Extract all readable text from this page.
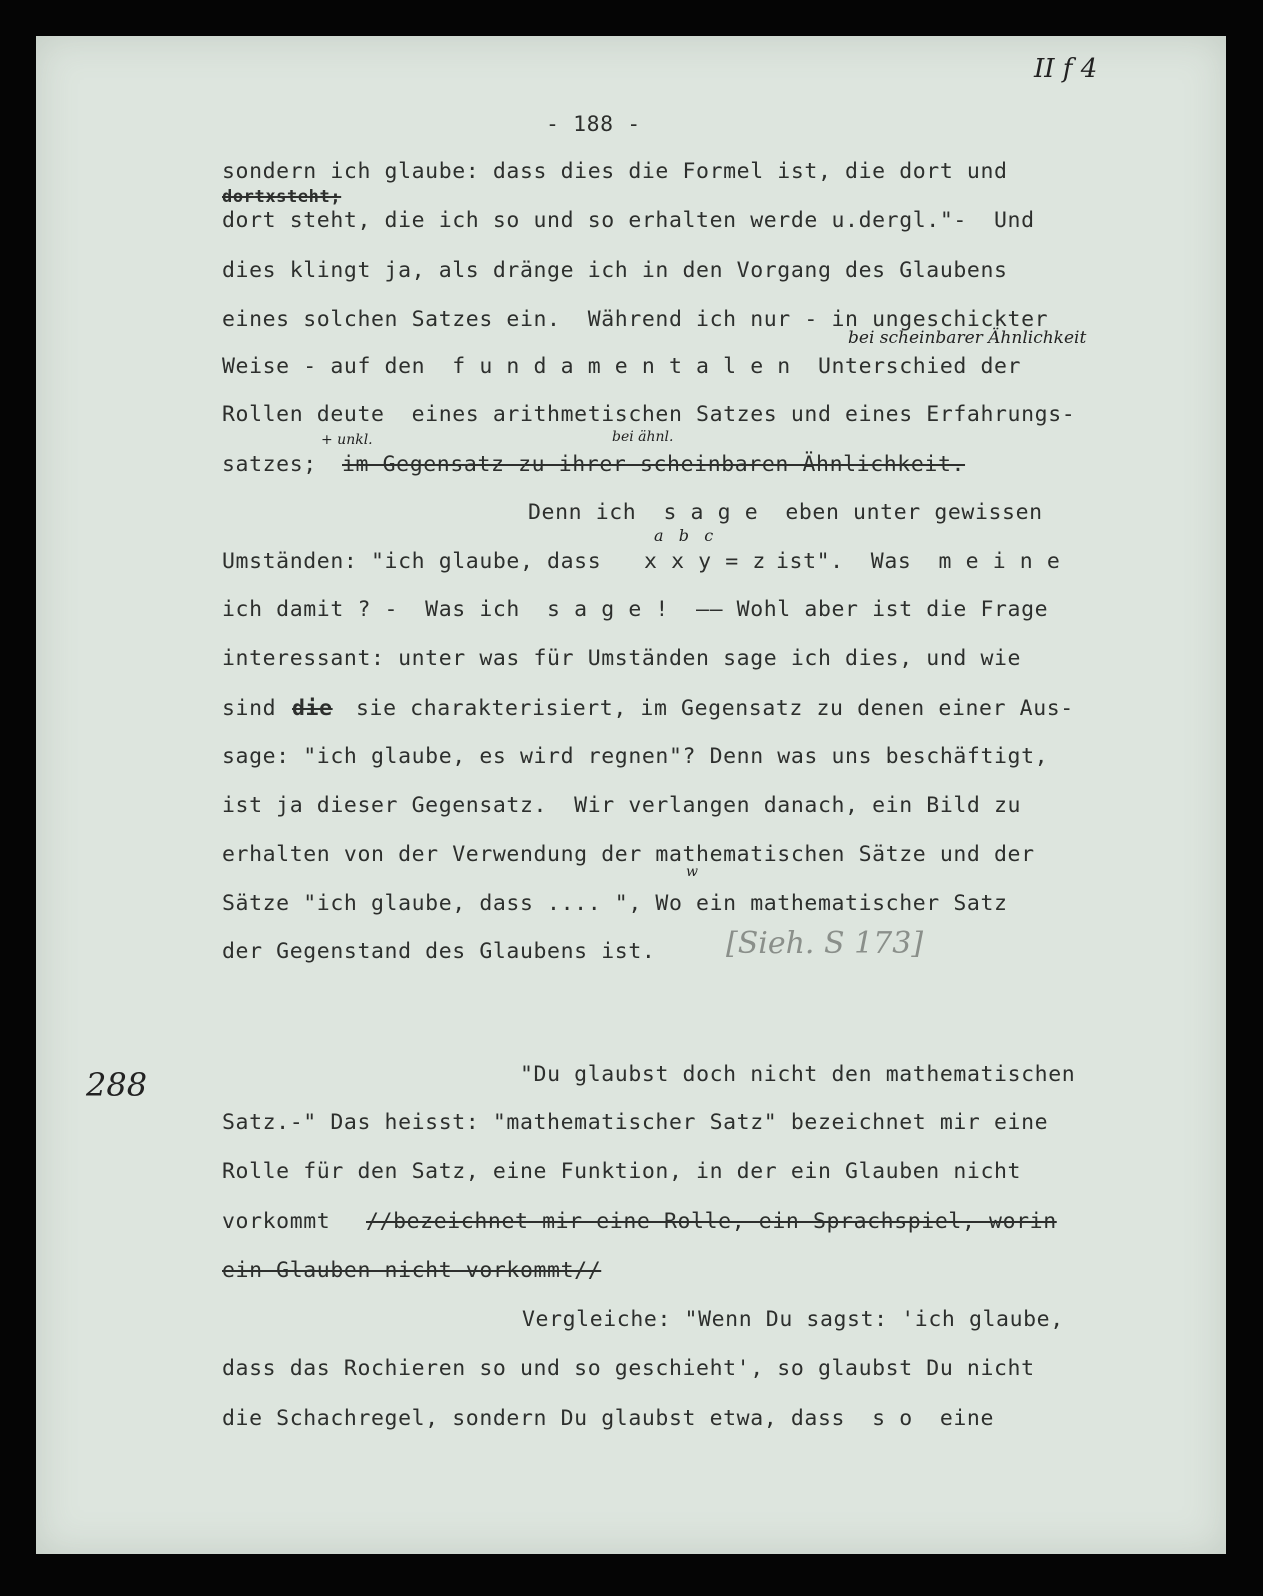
II f 4
- 188 -
sondern ich glaube: dass dies die Formel ist, die dort und
dortxsteht;
dort steht, die ich so und so erhalten werde u.dergl."-  Und
dies klingt ja, als dränge ich in den Vorgang des Glaubens
eines solchen Satzes ein.  Während ich nur - in ungeschickter
bei scheinbarer Ähnlichkeit
Weise - auf den  f u n d a m e n t a l e n  Unterschied der
Rollen deute  eines arithmetischen Satzes und eines Erfahrungs-
+ unkl.	bei ähnl.
satzes; im Gegensatz zu ihrer scheinbaren Ähnlichkeit.
Denn ich  s a g e  eben unter gewissen
a   b   c
Umständen: "ich glaube, dass x x y = z ist".  Was  m e i n e
ich damit ? -  Was ich  s a g e !  —— Wohl aber ist die Frage
interessant: unter was für Umständen sage ich dies, und wie
sind die sie charakterisiert, im Gegensatz zu denen einer Aus-
sage: "ich glaube, es wird regnen"? Denn was uns beschäftigt,
ist ja dieser Gegensatz.  Wir verlangen danach, ein Bild zu
erhalten von der Verwendung der mathematischen Sätze und der
w
Sätze "ich glaube, dass .... ", Wo ein mathematischer Satz
der Gegenstand des Glaubens ist. [Sieh. S 173]
288	"Du glaubst doch nicht den mathematischen
Satz.-" Das heisst: "mathematischer Satz" bezeichnet mir eine
Rolle für den Satz, eine Funktion, in der ein Glauben nicht
vorkommt //bezeichnet mir eine Rolle, ein Sprachspiel, worin
ein Glauben nicht vorkommt//
Vergleiche: "Wenn Du sagst: 'ich glaube,
dass das Rochieren so und so geschieht', so glaubst Du nicht
die Schachregel, sondern Du glaubst etwa, dass  s o  eine
